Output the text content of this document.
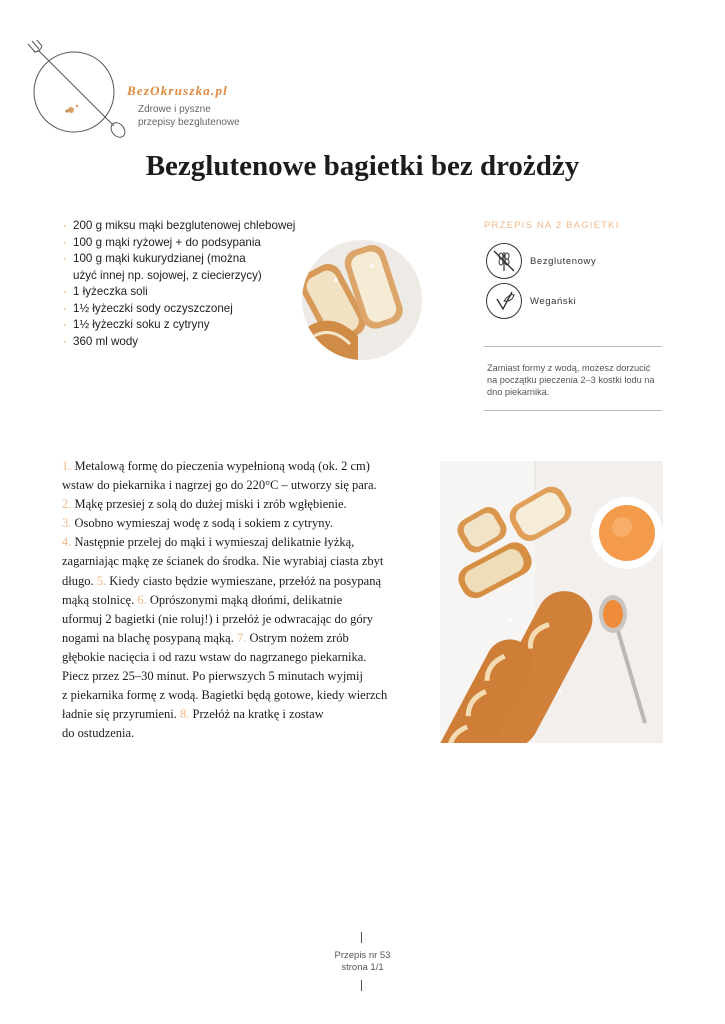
BezOkruszka.pl
Zdrowe i pyszne
przepisy bezglutenowe
Bezglutenowe bagietki bez drożdży
· 200 g miksu mąki bezglutenowej chlebowej
· 100 g mąki ryżowej + do podsypania
· 100 g mąki kukurydzianej (można
użyć innej np. sojowej, z ciecierzycy)
· 1 łyżeczka soli
· 1½ łyżeczki sody oczyszczonej
· 1½ łyżeczki soku z cytryny
· 360 ml wody
PRZEPIS NA 2 BAGIETKI
Bezglutenowy
Wegański
Zamiast formy z wodą, możesz dorzucić na początku pieczenia 2–3 kostki lodu na dno piekarnika.
1. Metalową formę do pieczenia wypełnioną wodą (ok. 2 cm)
wstaw do piekarnika i nagrzej go do 220°C – utworzy się para.
2. Mąkę przesiej z solą do dużej miski i zrób wgłębienie.
3. Osobno wymieszaj wodę z sodą i sokiem z cytryny.
4. Następnie przelej do mąki i wymieszaj delikatnie łyżką,
zagarniając mąkę ze ścianek do środka. Nie wyrabiaj ciasta zbyt
długo. 5. Kiedy ciasto będzie wymieszane, przełóż na posypaną
mąką stolnicę. 6. Oprószonymi mąką dłońmi, delikatnie
uformuj 2 bagietki (nie roluj!) i przełóż je odwracając do góry
nogami na blachę posypaną mąką. 7. Ostrym nożem zrób
głębokie nacięcia i od razu wstaw do nagrzanego piekarnika.
Piecz przez 25–30 minut. Po pierwszych 5 minutach wyjmij
z piekarnika formę z wodą. Bagietki będą gotowe, kiedy wierzch
ładnie się przyrumieni. 8. Przełóż na kratkę i zostaw
do ostudzenia.
Przepis nr 53
strona 1/1
